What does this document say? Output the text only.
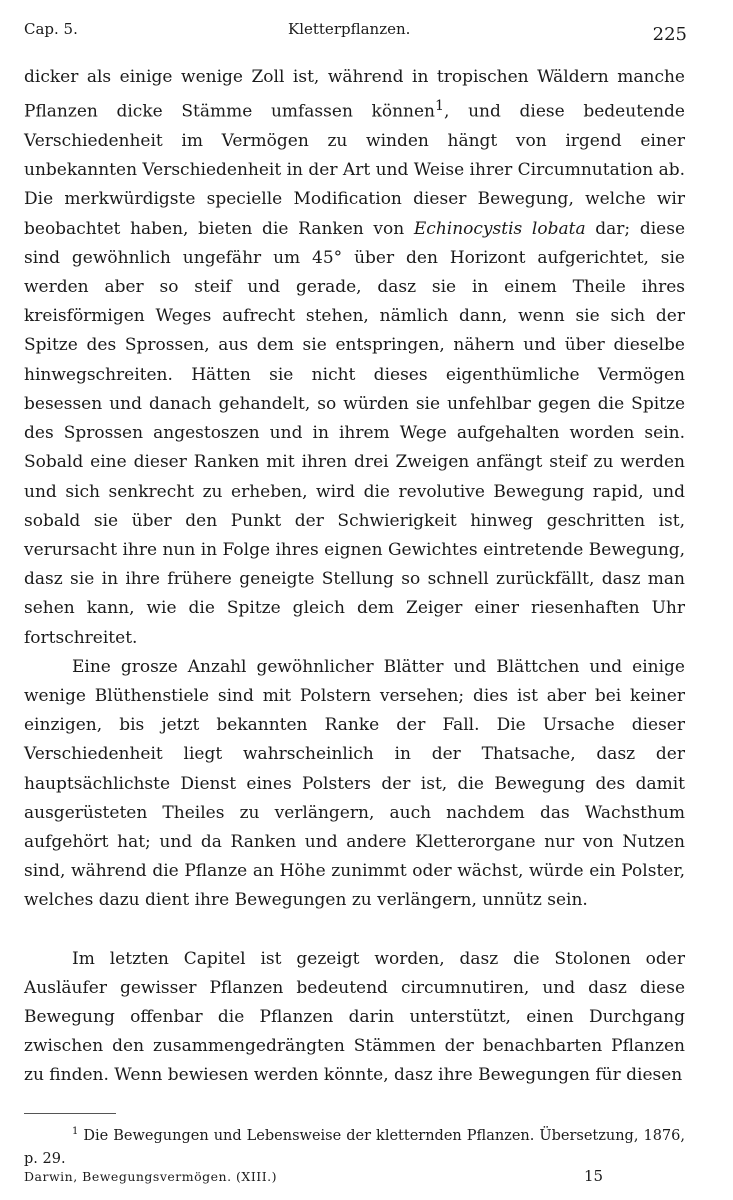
Cap. 5.	Kletterpflanzen.	225

dicker als einige wenige Zoll ist, während in tropischen Wäldern manche Pflanzen dicke Stämme umfassen können$^1$, und diese bedeutende Verschiedenheit im Vermögen zu winden hängt von irgend einer unbekannten Verschiedenheit in der Art und Weise ihrer Circumnutation ab. Die merkwürdigste specielle Modification dieser Bewegung, welche wir beobachtet haben, bieten die Ranken von Echinocystis lobata dar; diese sind gewöhnlich ungefähr um 45° über den Horizont aufgerichtet, sie werden aber so steif und gerade, dasz sie in einem Theile ihres kreisförmigen Weges aufrecht stehen, nämlich dann, wenn sie sich der Spitze des Sprossen, aus dem sie entspringen, nähern und über dieselbe hinwegschreiten. Hätten sie nicht dieses eigenthümliche Vermögen besessen und danach gehandelt, so würden sie unfehlbar gegen die Spitze des Sprossen angestoszen und in ihrem Wege aufgehalten worden sein. Sobald eine dieser Ranken mit ihren drei Zweigen anfängt steif zu werden und sich senkrecht zu erheben, wird die revolutive Bewegung rapid, und sobald sie über den Punkt der Schwierigkeit hinweg geschritten ist, verursacht ihre nun in Folge ihres eignen Gewichtes eintretende Bewegung, dasz sie in ihre frühere geneigte Stellung so schnell zurückfällt, dasz man sehen kann, wie die Spitze gleich dem Zeiger einer riesenhaften Uhr fortschreitet.

Eine grosze Anzahl gewöhnlicher Blätter und Blättchen und einige wenige Blüthenstiele sind mit Polstern versehen; dies ist aber bei keiner einzigen, bis jetzt bekannten Ranke der Fall. Die Ursache dieser Verschiedenheit liegt wahrscheinlich in der Thatsache, dasz der hauptsächlichste Dienst eines Polsters der ist, die Bewegung des damit ausgerüsteten Theiles zu verlängern, auch nachdem das Wachsthum aufgehört hat; und da Ranken und andere Kletterorgane nur von Nutzen sind, während die Pflanze an Höhe zunimmt oder wächst, würde ein Polster, welches dazu dient ihre Bewegungen zu verlängern, unnütz sein.

Im letzten Capitel ist gezeigt worden, dasz die Stolonen oder Ausläufer gewisser Pflanzen bedeutend circumnutiren, und dasz diese Bewegung offenbar die Pflanzen darin unterstützt, einen Durchgang zwischen den zusammengedrängten Stämmen der benachbarten Pflanzen zu finden. Wenn bewiesen werden könnte, dasz ihre Bewegungen für diesen

$^1$ Die Bewegungen und Lebensweise der kletternden Pflanzen. Übersetzung, 1876, p. 29.
Darwin, Bewegungsvermögen. (XIII.)	15
